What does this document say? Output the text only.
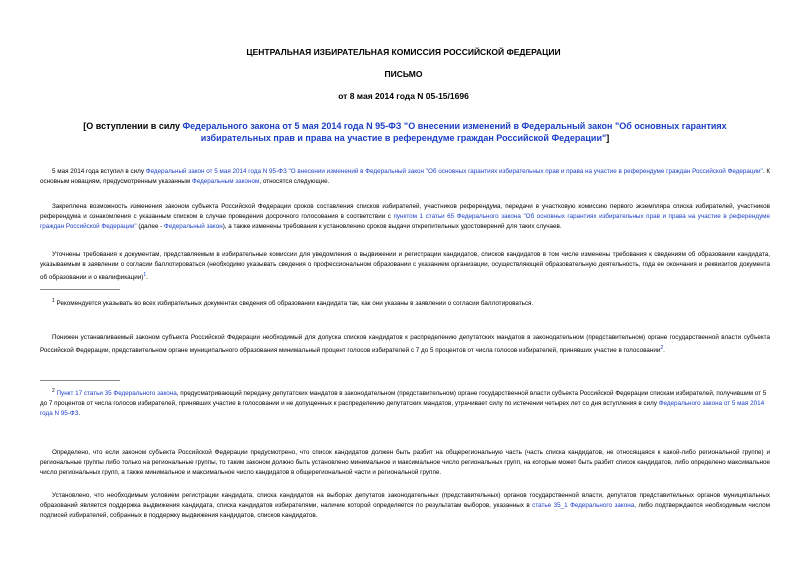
ЦЕНТРАЛЬНАЯ ИЗБИРАТЕЛЬНАЯ КОМИССИЯ РОССИЙСКОЙ ФЕДЕРАЦИИ
ПИСЬМО
от 8 мая 2014 года N 05-15/1696
[О вступлении в силу Федерального закона от 5 мая 2014 года N 95-ФЗ "О внесении изменений в Федеральный закон "Об основных гарантиях избирательных прав и права на участие в референдуме граждан Российской Федерации"]
5 мая 2014 года вступил в силу Федеральный закон от 5 мая 2014 года N 95-ФЗ "О внесении изменений в Федеральный закон "Об основных гарантиях избирательных прав и права на участие в референдуме граждан Российской Федерации". К основным новациям, предусмотренным указанным Федеральным законом, относятся следующие.
Закреплена возможность изменения законом субъекта Российской Федерации сроков составления списков избирателей, участников референдума, передачи в участковую комиссию первого экземпляра списка избирателей, участников референдума и ознакомления с указанным списком в случае проведения досрочного голосования в соответствии с пунктом 1 статьи 65 Федерального закона "Об основных гарантиях избирательных прав и права на участие в референдуме граждан Российской Федерации" (далее - Федеральный закон), а также изменены требования к установлению сроков выдачи открепительных удостоверений для таких случаев.
Уточнены требования к документам, представляемым в избирательные комиссии для уведомления о выдвижении и регистрации кандидатов, списков кандидатов в том числе изменены требования к сведениям об образовании кандидата, указываемым в заявлении о согласии баллотироваться (необходимо указывать сведения о профессиональном образовании с указанием организации, осуществляющей образовательную деятельность, года ее окончания и реквизитов документа об образовании и о квалификации)$^1$.
$^1$ Рекомендуется указывать во всех избирательных документах сведения об образовании кандидата так, как они указаны в заявлении о согласии баллотироваться.
Понижен устанавливаемый законом субъекта Российской Федерации необходимый для допуска списков кандидатов к распределению депутатских мандатов в законодательном (представительном) органе государственной власти субъекта Российской Федерации, представительном органе муниципального образования минимальный процент голосов избирателей с 7 до 5 процентов от числа голосов избирателей, принявших участие в голосовании$^2$.
$^2$ Пункт 17 статьи 35 Федерального закона, предусматривающий передачу депутатских мандатов в законодательном (представительном) органе государственной власти субъекта Российской Федерации спискам избирателей, получившим от 5 до 7 процентов от числа голосов избирателей, принявших участие в голосовании и не допущенных к распределению депутатских мандатов, утрачивает силу по истечении четырех лет со дня вступления в силу Федерального закона от 5 мая 2014 года N 95-ФЗ.
Определено, что если законом субъекта Российской Федерации предусмотрено, что список кандидатов должен быть разбит на общерегиональную часть (часть списка кандидатов, не относящаяся к какой-либо региональной группе) и региональные группы либо только на региональные группы, то таким законом должно быть установлено минимальное и максимальное число региональных групп, на которые может быть разбит список кандидатов, либо определено максимальное число региональных групп, а также минимальное и максимальное число кандидатов в общерегиональной части и региональной группе.
Установлено, что необходимым условием регистрации кандидата, списка кандидатов на выборах депутатов законодательных (представительных) органов государственной власти, депутатов представительных органов муниципальных образований является поддержка выдвижения кандидата, списка кандидатов избирателями, наличие которой определяется по результатам выборов, указанных в статье 35_1 Федерального закона, либо подтверждается необходимым числом подписей избирателей, собранных в поддержку выдвижения кандидатов, списков кандидатов.
